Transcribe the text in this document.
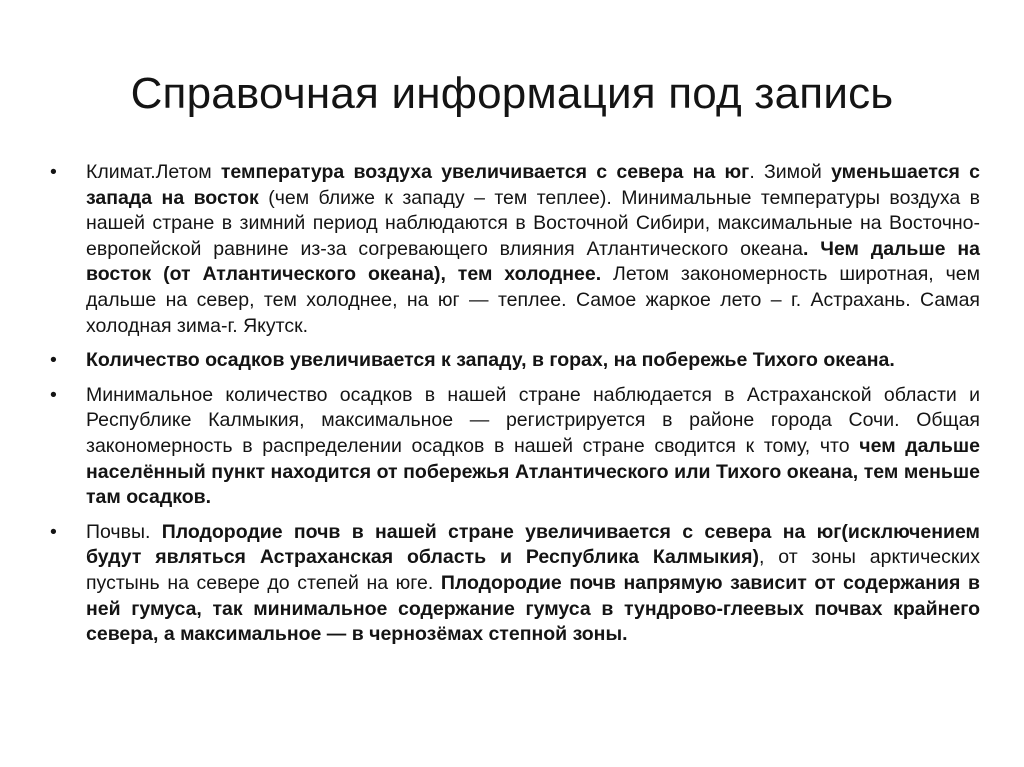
Справочная информация под запись
• Климат.Летом температура воздуха увеличивается с севера на юг. Зимой уменьшается с запада на восток (чем ближе к западу – тем теплее). Минимальные температуры воздуха в нашей стране в зимний период наблюдаются в Восточной Сибири, максимальные на Восточно-европейской равнине из-за согревающего влияния Атлантического океана. Чем дальше на восток (от Атлантического океана), тем холоднее. Летом закономерность широтная, чем дальше на север, тем холоднее, на юг — теплее. Самое жаркое лето – г. Астрахань. Самая холодная зима-г. Якутск.
• Количество осадков увеличивается к западу, в горах, на побережье Тихого океана.
• Минимальное количество осадков в нашей стране наблюдается в Астраханской области и Республике Калмыкия, максимальное — регистрируется в районе города Сочи. Общая закономерность в распределении осадков в нашей стране сводится к тому, что чем дальше населённый пункт находится от побережья Атлантического или Тихого океана, тем меньше там осадков.
• Почвы. Плодородие почв в нашей стране увеличивается с севера на юг(исключением будут являться Астраханская область и Республика Калмыкия), от зоны арктических пустынь на севере до степей на юге. Плодородие почв напрямую зависит от содержания в ней гумуса, так минимальное содержание гумуса в тундрово-глеевых почвах крайнего севера, а максимальное — в чернозёмах степной зоны.
